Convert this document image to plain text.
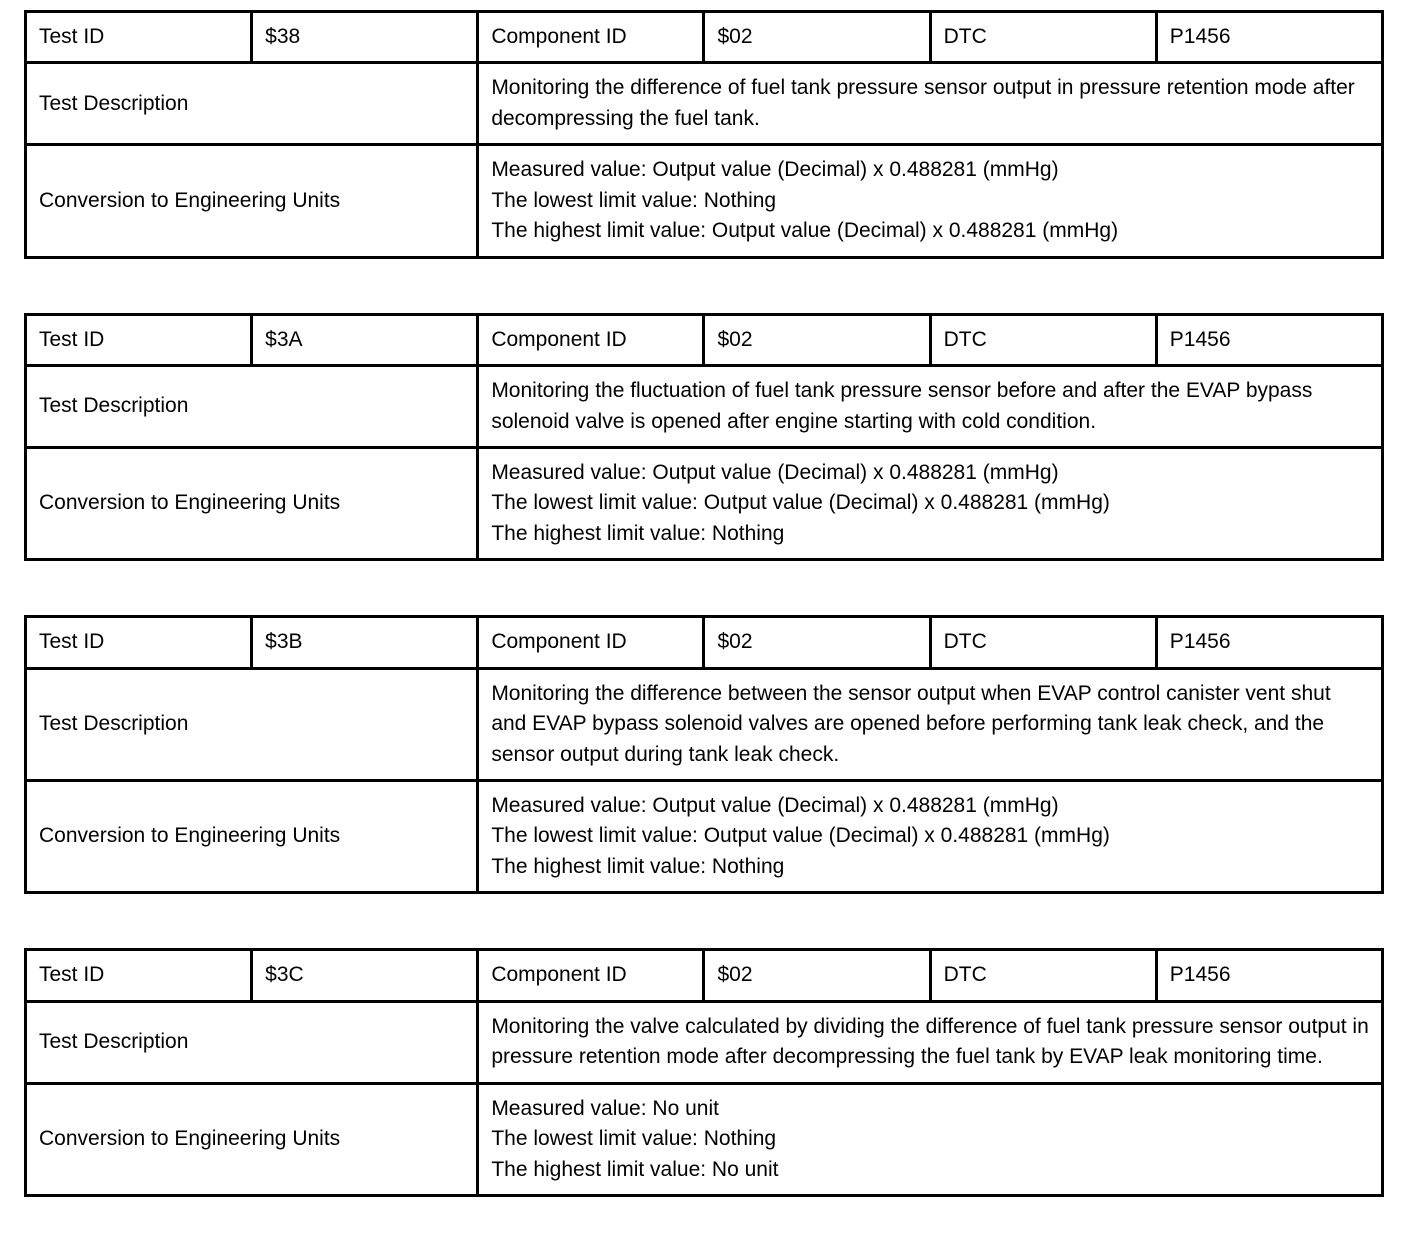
Test ID	$38	Component ID	$02	DTC	P1456
Test Description		Monitoring the difference of fuel tank pressure sensor output in pressure retention mode after decompressing the fuel tank.			
Conversion to Engineering Units		Measured value: Output value (Decimal) x 0.488281 (mmHg)
The lowest limit value: Nothing
The highest limit value: Output value (Decimal) x 0.488281 (mmHg)			
Test ID	$3A	Component ID	$02	DTC	P1456
Test Description		Monitoring the fluctuation of fuel tank pressure sensor before and after the EVAP bypass solenoid valve is opened after engine starting with cold condition.			
Conversion to Engineering Units		Measured value: Output value (Decimal) x 0.488281 (mmHg)
The lowest limit value: Output value (Decimal) x 0.488281 (mmHg)
The highest limit value: Nothing			
Test ID	$3B	Component ID	$02	DTC	P1456
Test Description		Monitoring the difference between the sensor output when EVAP control canister vent shut and EVAP bypass solenoid valves are opened before performing tank leak check, and the sensor output during tank leak check.			
Conversion to Engineering Units		Measured value: Output value (Decimal) x 0.488281 (mmHg)
The lowest limit value: Output value (Decimal) x 0.488281 (mmHg)
The highest limit value: Nothing			
Test ID	$3C	Component ID	$02	DTC	P1456
Test Description		Monitoring the valve calculated by dividing the difference of fuel tank pressure sensor output in pressure retention mode after decompressing the fuel tank by EVAP leak monitoring time.			
Conversion to Engineering Units		Measured value: No unit
The lowest limit value: Nothing
The highest limit value: No unit			
